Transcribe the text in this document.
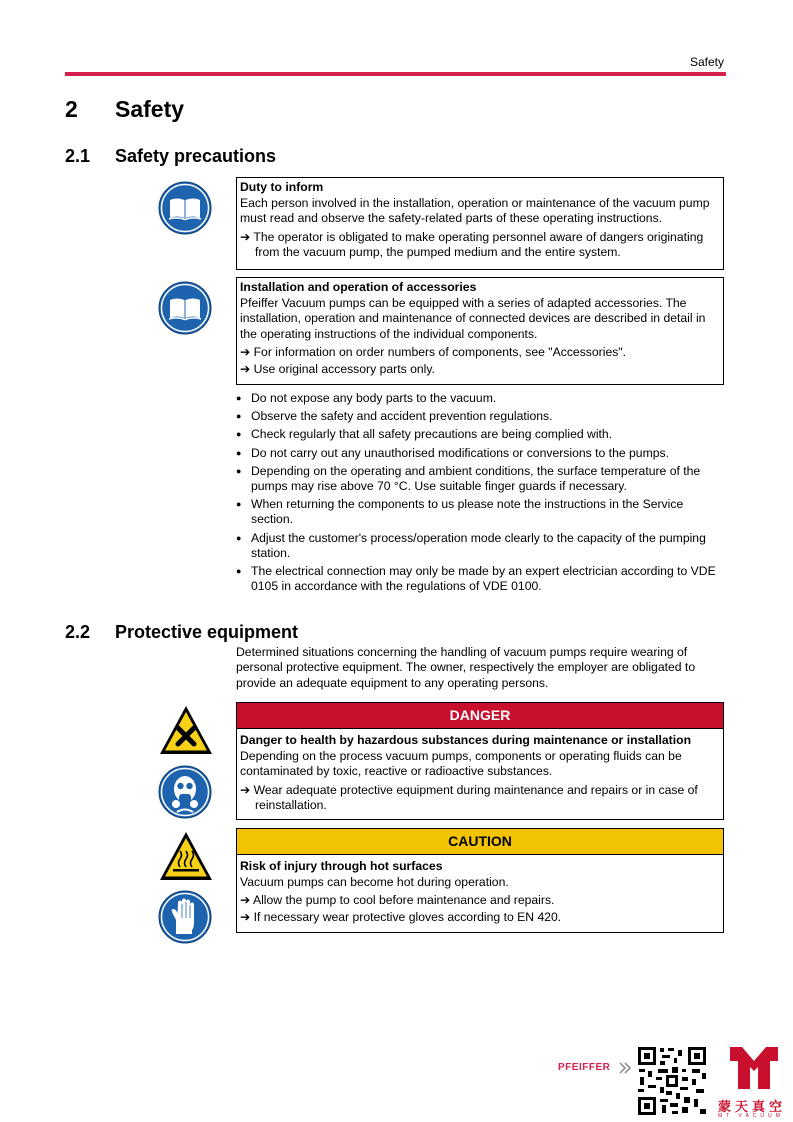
Safety
2 Safety
2.1 Safety precautions

Duty to inform

Each person involved in the installation, operation or maintenance of the vacuum pump must read and observe the safety-related parts of these operating instructions.

➔ The operator is obligated to make operating personnel aware of dangers originating from the vacuum pump, the pumped medium and the entire system.

Installation and operation of accessories

Pfeiffer Vacuum pumps can be equipped with a series of adapted accessories. The installation, operation and maintenance of connected devices are described in detail in the operating instructions of the individual components.

➔ For information on order numbers of components, see "Accessories".

➔ Use original accessory parts only.

● Do not expose any body parts to the vacuum.
● Observe the safety and accident prevention regulations.
● Check regularly that all safety precautions are being complied with.
● Do not carry out any unauthorised modifications or conversions to the pumps.
● Depending on the operating and ambient conditions, the surface temperature of the pumps may rise above 70 °C. Use suitable finger guards if necessary.
● When returning the components to us please note the instructions in the Service section.
● Adjust the customer's process/operation mode clearly to the capacity of the pumping station.
● The electrical connection may only be made by an expert electrician according to VDE 0105 in accordance with the regulations of VDE 0100.
2.2 Protective equipment
Determined situations concerning the handling of vacuum pumps require wearing of personal protective equipment. The owner, respectively the employer are obligated to provide an adequate equipment to any operating persons.
DANGER

Danger to health by hazardous substances during maintenance or installation

Depending on the process vacuum pumps, components or operating fluids can be contaminated by toxic, reactive or radioactive substances.

➔ Wear adequate protective equipment during maintenance and repairs or in case of reinstallation.

CAUTION

Risk of injury through hot surfaces

Vacuum pumps can become hot during operation.

➔ Allow the pump to cool before maintenance and repairs.

➔ If necessary wear protective gloves according to EN 420.

PFEIFFER
蒙天真空
MT VACUUM
